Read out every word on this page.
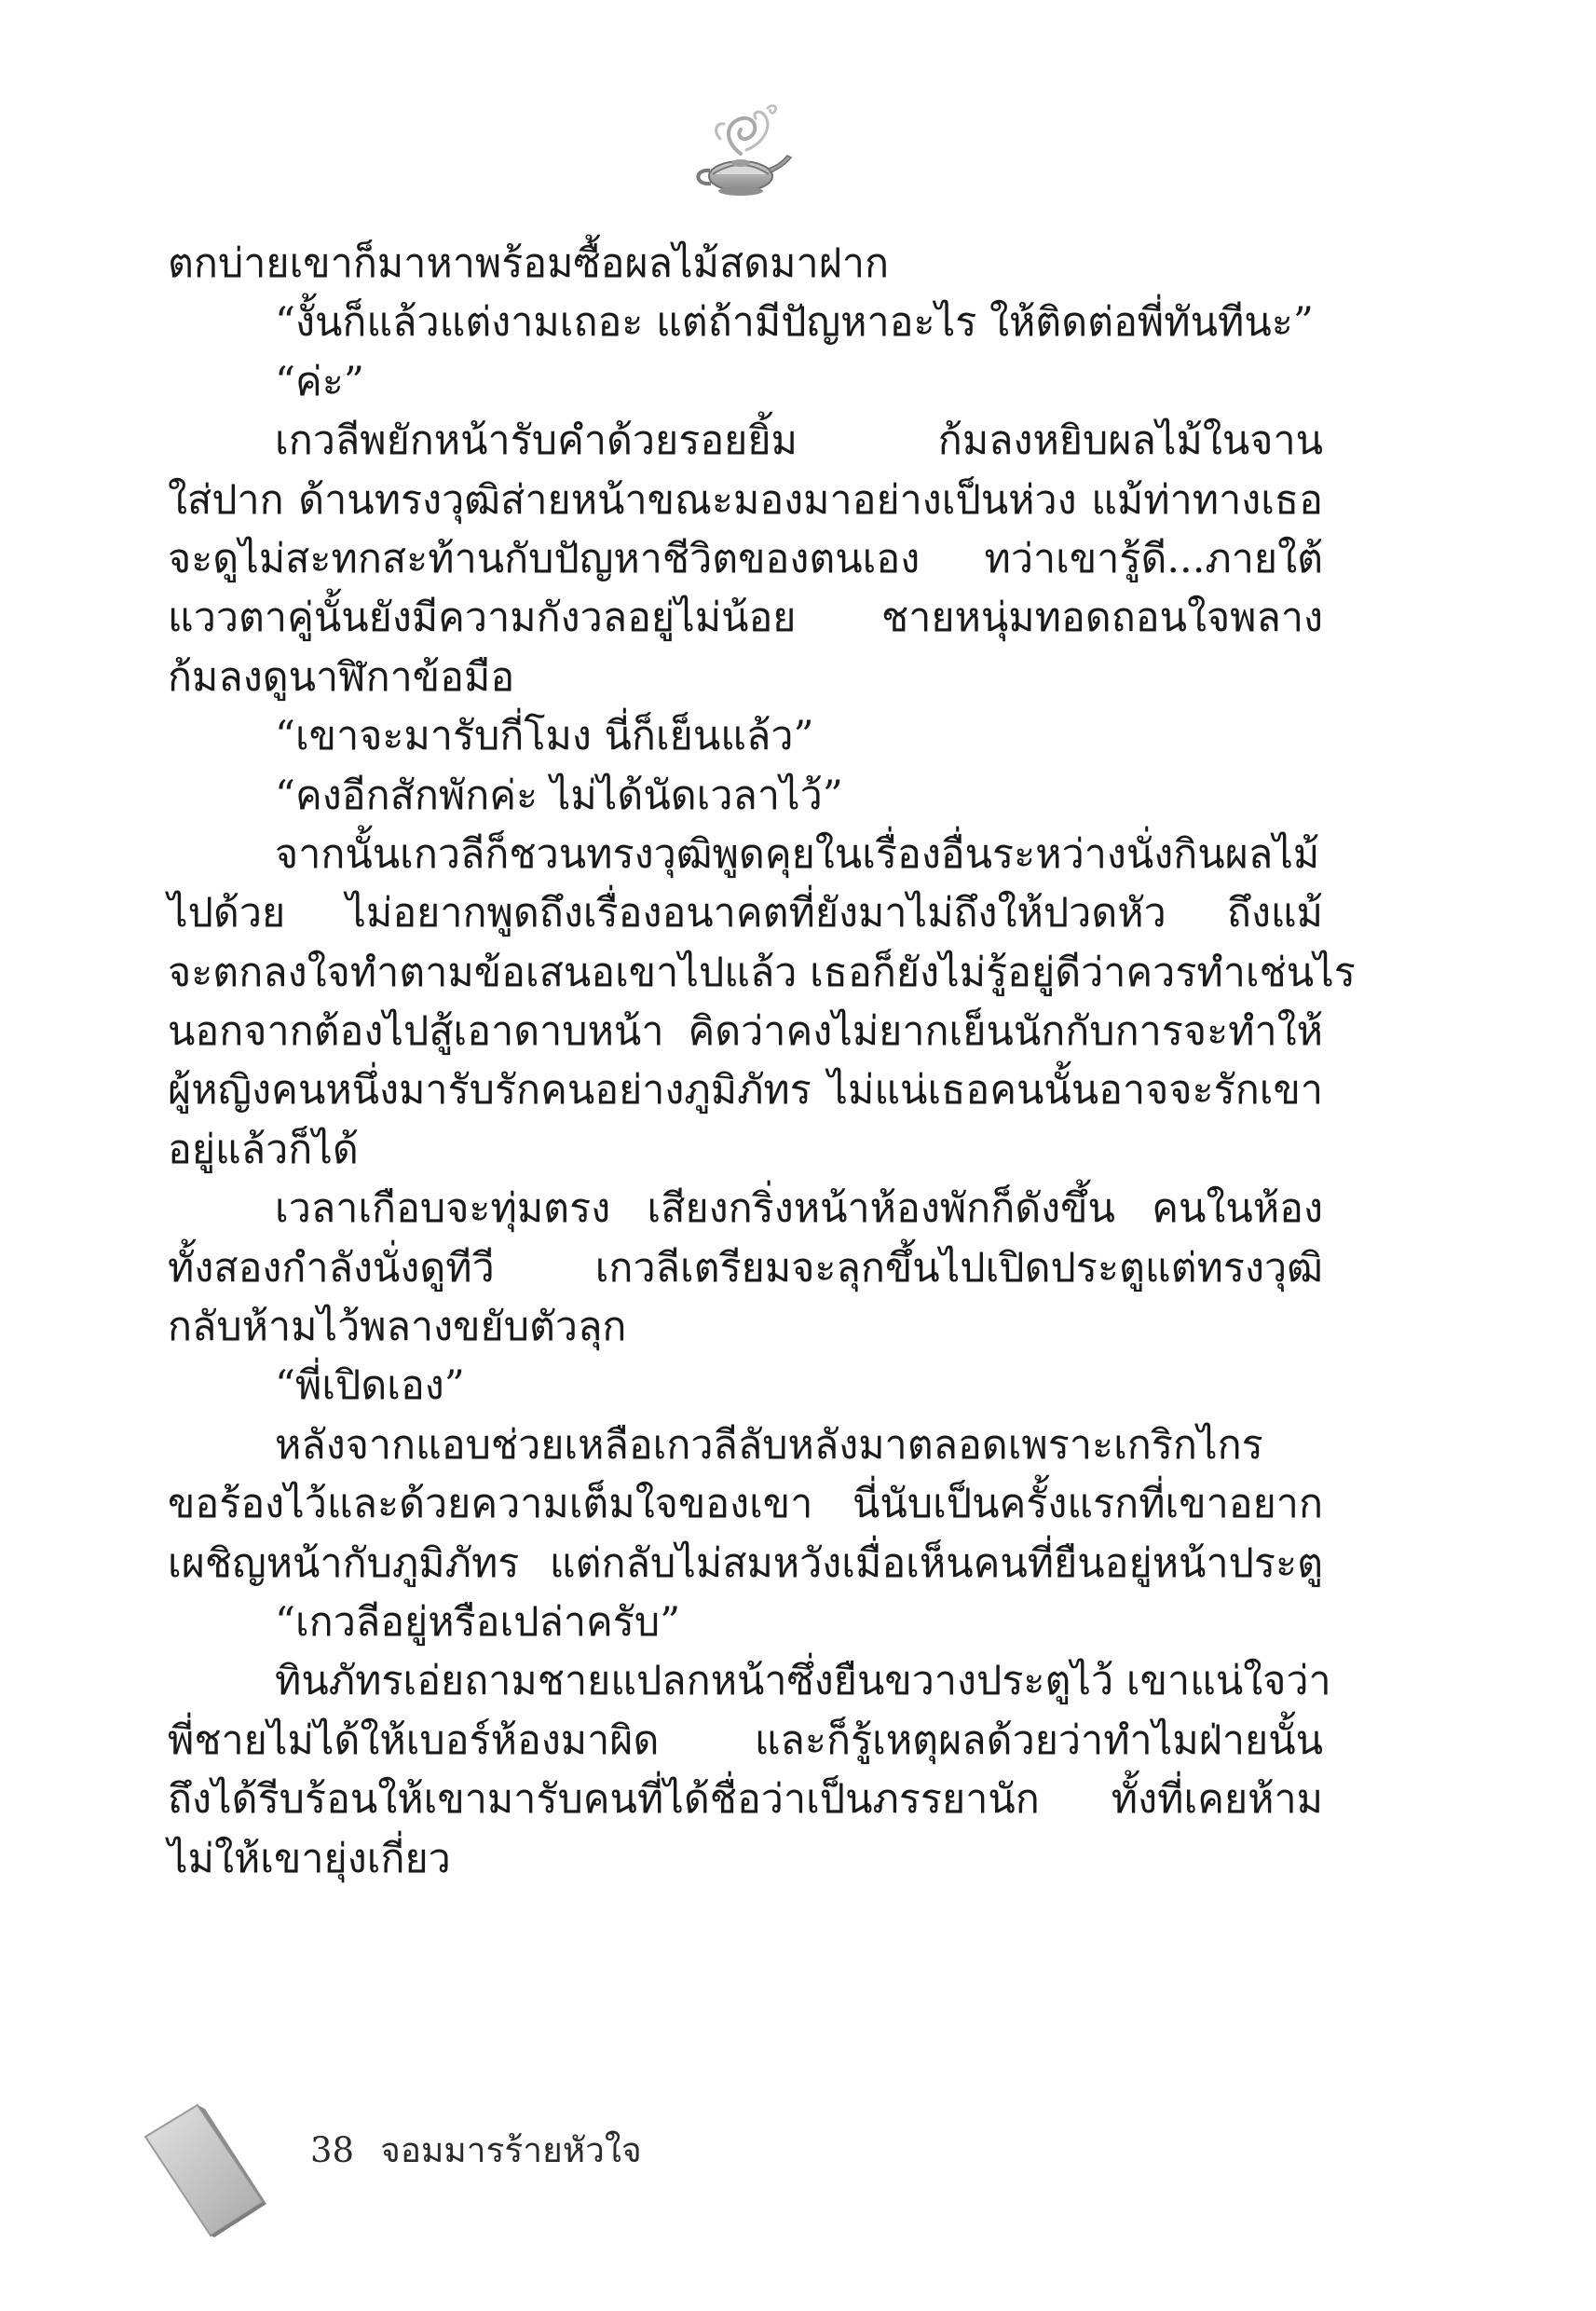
ตกบ่ายเขาก็มาหาพร้อมซื้อผลไม้สดมาฝาก
“งั้นก็แล้วแต่งามเถอะ แต่ถ้ามีปัญหาอะไร ให้ติดต่อพี่ทันทีนะ”
“ค่ะ”
เกวลีพยักหน้ารับคำด้วยรอยยิ้ม ก้มลงหยิบผลไม้ในจาน
ใส่ปาก ด้านทรงวุฒิส่ายหน้าขณะมองมาอย่างเป็นห่วง แม้ท่าทางเธอ
จะดูไม่สะทกสะท้านกับปัญหาชีวิตของตนเอง ทว่าเขารู้ดี...ภายใต้
แววตาคู่นั้นยังมีความกังวลอยู่ไม่น้อย ชายหนุ่มทอดถอนใจพลาง
ก้มลงดูนาฬิกาข้อมือ
“เขาจะมารับกี่โมง นี่ก็เย็นแล้ว”
“คงอีกสักพักค่ะ ไม่ได้นัดเวลาไว้”
จากนั้นเกวลีก็ชวนทรงวุฒิพูดคุยในเรื่องอื่นระหว่างนั่งกินผลไม้
ไปด้วย ไม่อยากพูดถึงเรื่องอนาคตที่ยังมาไม่ถึงให้ปวดหัว ถึงแม้
จะตกลงใจทำตามข้อเสนอเขาไปแล้ว เธอก็ยังไม่รู้อยู่ดีว่าควรทำเช่นไร
นอกจากต้องไปสู้เอาดาบหน้า คิดว่าคงไม่ยากเย็นนักกับการจะทำให้
ผู้หญิงคนหนึ่งมารับรักคนอย่างภูมิภัทร ไม่แน่เธอคนนั้นอาจจะรักเขา
อยู่แล้วก็ได้
เวลาเกือบจะทุ่มตรง เสียงกริ่งหน้าห้องพักก็ดังขึ้น คนในห้อง
ทั้งสองกำลังนั่งดูทีวี เกวลีเตรียมจะลุกขึ้นไปเปิดประตูแต่ทรงวุฒิ
กลับห้ามไว้พลางขยับตัวลุก
“พี่เปิดเอง”
หลังจากแอบช่วยเหลือเกวลีลับหลังมาตลอดเพราะเกริกไกร
ขอร้องไว้และด้วยความเต็มใจของเขา นี่นับเป็นครั้งแรกที่เขาอยาก
เผชิญหน้ากับภูมิภัทร แต่กลับไม่สมหวังเมื่อเห็นคนที่ยืนอยู่หน้าประตู
“เกวลีอยู่หรือเปล่าครับ”
ทินภัทรเอ่ยถามชายแปลกหน้าซึ่งยืนขวางประตูไว้ เขาแน่ใจว่า
พี่ชายไม่ได้ให้เบอร์ห้องมาผิด และก็รู้เหตุผลด้วยว่าทำไมฝ่ายนั้น
ถึงได้รีบร้อนให้เขามารับคนที่ได้ชื่อว่าเป็นภรรยานัก ทั้งที่เคยห้าม
ไม่ให้เขายุ่งเกี่ยว
38 จอมมารร้ายหัวใจ
